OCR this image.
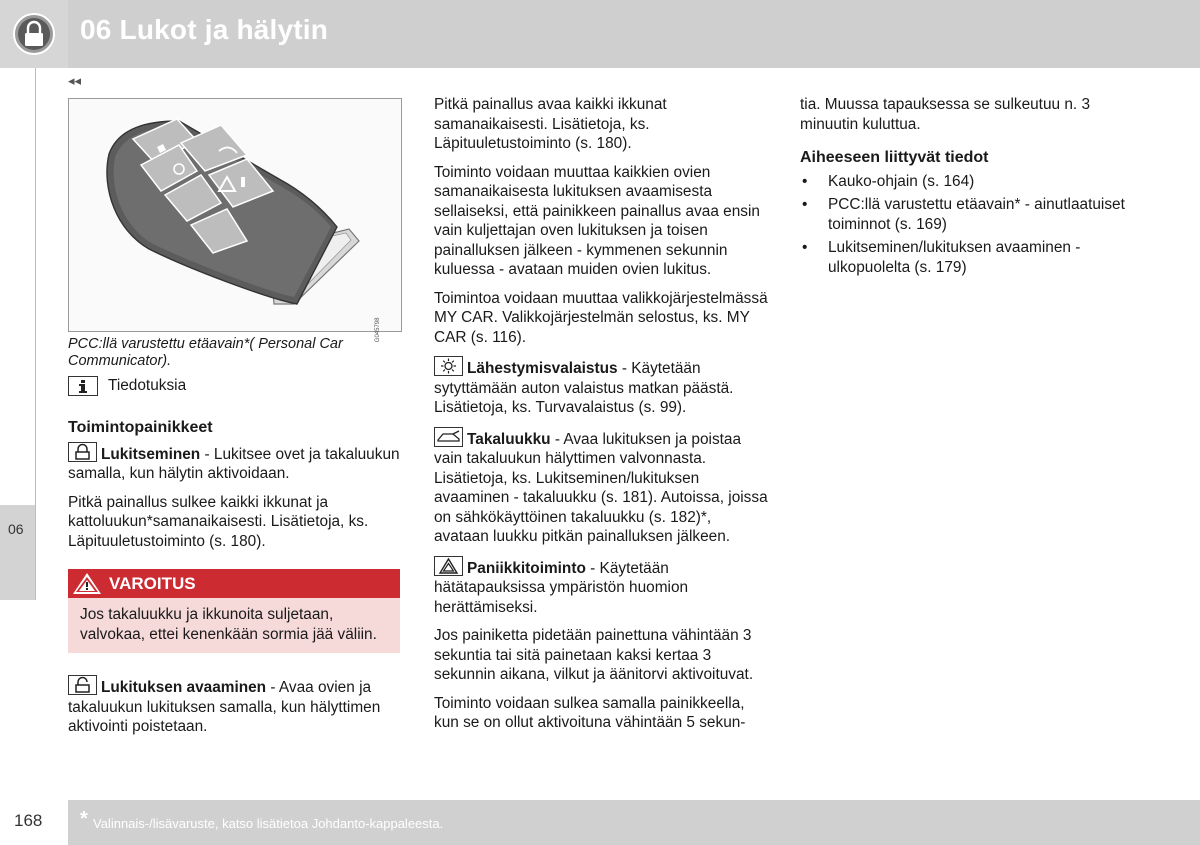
06 Lukot ja hälytin
◂◂
06
G045798
PCC:llä varustettu etäavain*( Personal Car Communicator).
Tiedotuksia
Toimintopainikkeet

Lukitseminen - Lukitsee ovet ja takaluukun samalla, kun hälytin aktivoidaan.

Pitkä painallus sulkee kaikki ikkunat ja kattoluukun*samanaikaisesti. Lisätietoja, ks. Läpituuletustoiminto (s. 180).

VAROITUS
Jos takaluukku ja ikkunoita suljetaan, valvokaa, ettei kenenkään sormia jää väliin.

Lukituksen avaaminen - Avaa ovien ja takaluukun lukituksen samalla, kun hälyttimen aktivointi poistetaan.

Pitkä painallus avaa kaikki ikkunat samanaikaisesti. Lisätietoja, ks. Läpituuletustoiminto (s. 180).

Toiminto voidaan muuttaa kaikkien ovien samanaikaisesta lukituksen avaamisesta sellaiseksi, että painikkeen painallus avaa ensin vain kuljettajan oven lukituksen ja toisen painalluksen jälkeen - kymmenen sekunnin kuluessa - avataan muiden ovien lukitus.

Toimintoa voidaan muuttaa valikkojärjestelmässä MY CAR. Valikkojärjestelmän selostus, ks. MY CAR (s. 116).

Lähestymisvalaistus - Käytetään sytyttämään auton valaistus matkan päästä. Lisätietoja, ks. Turvavalaistus (s. 99).

Takaluukku - Avaa lukituksen ja poistaa vain takaluukun hälyttimen valvonnasta. Lisätietoja, ks. Lukitseminen/lukituksen avaaminen - takaluukku (s. 181). Autoissa, joissa on sähkökäyttöinen takaluukku (s. 182)*, avataan luukku pitkän painalluksen jälkeen.

Paniikkitoiminto - Käytetään hätätapauksissa ympäristön huomion herättämiseksi.

Jos painiketta pidetään painettuna vähintään 3 sekuntia tai sitä painetaan kaksi kertaa 3 sekunnin aikana, vilkut ja äänitorvi aktivoituvat.

Toiminto voidaan sulkea samalla painikkeella, kun se on ollut aktivoituna vähintään 5 sekun-

tia. Muussa tapauksessa se sulkeutuu n. 3 minuutin kuluttua.

Aiheeseen liittyvät tiedot
• Kauko-ohjain (s. 164)
• PCC:llä varustettu etäavain* - ainutlaatuiset toiminnot (s. 169)
• Lukitseminen/lukituksen avaaminen - ulkopuolelta (s. 179)
168 * Valinnais-/lisävaruste, katso lisätietoa Johdanto-kappaleesta.
